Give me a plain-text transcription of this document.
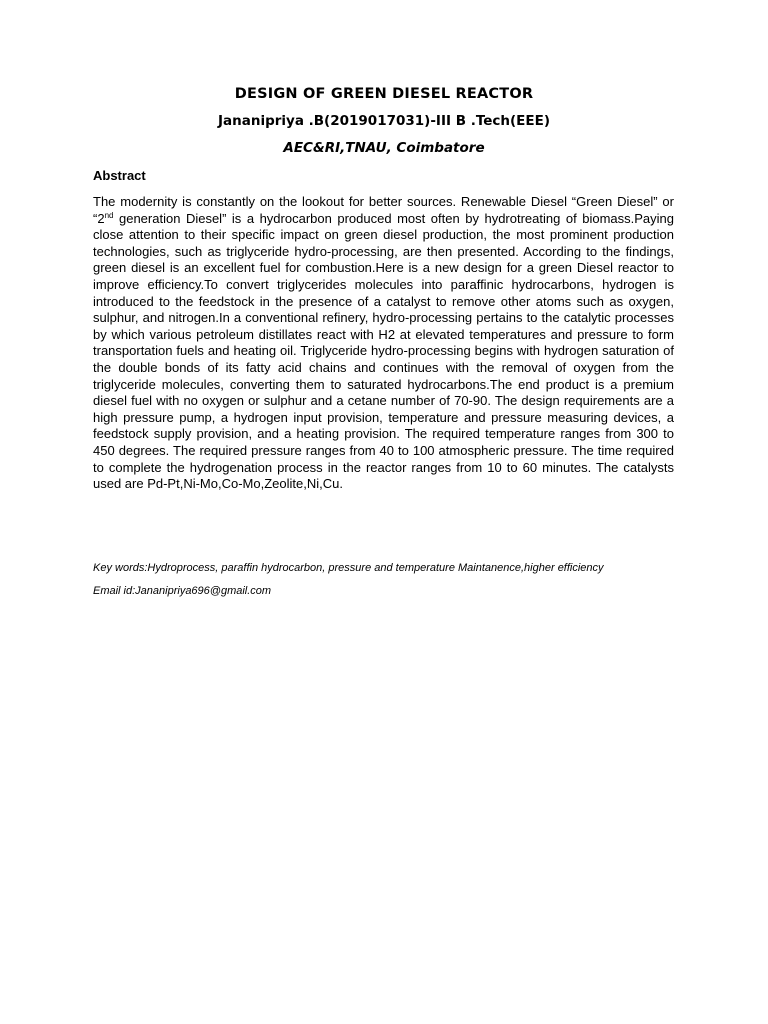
DESIGN OF GREEN DIESEL REACTOR
Jananipriya .B(2019017031)-III B .Tech(EEE)
AEC&RI,TNAU, Coimbatore
Abstract

The modernity is constantly on the lookout for better sources. Renewable Diesel “Green Diesel” or “2nd generation Diesel” is a hydrocarbon produced most often by hydrotreating of biomass.Paying close attention to their specific impact on green diesel production, the most prominent production technologies, such as triglyceride hydro-processing, are then presented. According to the findings, green diesel is an excellent fuel for combustion.Here is a new design for a green Diesel reactor to improve efficiency.To convert triglycerides molecules into paraffinic hydrocarbons, hydrogen is introduced to the feedstock in the presence of a catalyst to remove other atoms such as oxygen, sulphur, and nitrogen.In a conventional refinery, hydro-processing pertains to the catalytic processes by which various petroleum distillates react with H2 at elevated temperatures and pressure to form transportation fuels and heating oil. Triglyceride hydro-processing begins with hydrogen saturation of the double bonds of its fatty acid chains and continues with the removal of oxygen from the triglyceride molecules, converting them to saturated hydrocarbons.The end product is a premium diesel fuel with no oxygen or sulphur and a cetane number of 70-90. The design requirements are a high pressure pump, a hydrogen input provision, temperature and pressure measuring devices, a feedstock supply provision, and a heating provision. The required temperature ranges from 300 to 450 degrees. The required pressure ranges from 40 to 100 atmospheric pressure. The time required to complete the hydrogenation process in the reactor ranges from 10 to 60 minutes. The catalysts used are Pd-Pt,Ni-Mo,Co-Mo,Zeolite,Ni,Cu.

Key words:Hydroprocess, paraffin hydrocarbon, pressure and temperature Maintanence,higher efficiency
Email id:Jananipriya696@gmail.com
